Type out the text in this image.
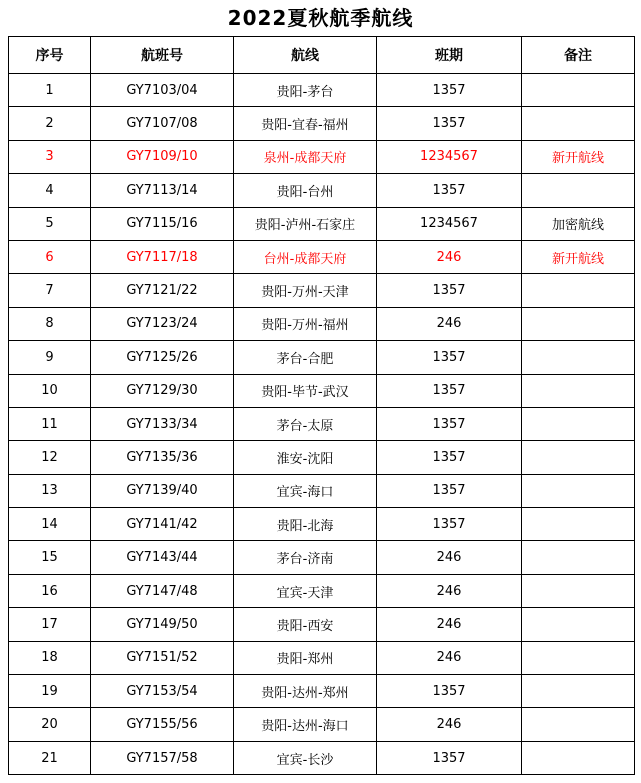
2022夏秋航季航线
序号	航班号	航线	班期	备注
1	GY7103/04	贵阳-茅台	1357	
2	GY7107/08	贵阳-宜春-福州	1357	
3	GY7109/10	泉州-成都天府	1234567	新开航线
4	GY7113/14	贵阳-台州	1357	
5	GY7115/16	贵阳-泸州-石家庄	1234567	加密航线
6	GY7117/18	台州-成都天府	246	新开航线
7	GY7121/22	贵阳-万州-天津	1357	
8	GY7123/24	贵阳-万州-福州	246	
9	GY7125/26	茅台-合肥	1357	
10	GY7129/30	贵阳-毕节-武汉	1357	
11	GY7133/34	茅台-太原	1357	
12	GY7135/36	淮安-沈阳	1357	
13	GY7139/40	宜宾-海口	1357	
14	GY7141/42	贵阳-北海	1357	
15	GY7143/44	茅台-济南	246	
16	GY7147/48	宜宾-天津	246	
17	GY7149/50	贵阳-西安	246	
18	GY7151/52	贵阳-郑州	246	
19	GY7153/54	贵阳-达州-郑州	1357	
20	GY7155/56	贵阳-达州-海口	246	
21	GY7157/58	宜宾-长沙	1357	
